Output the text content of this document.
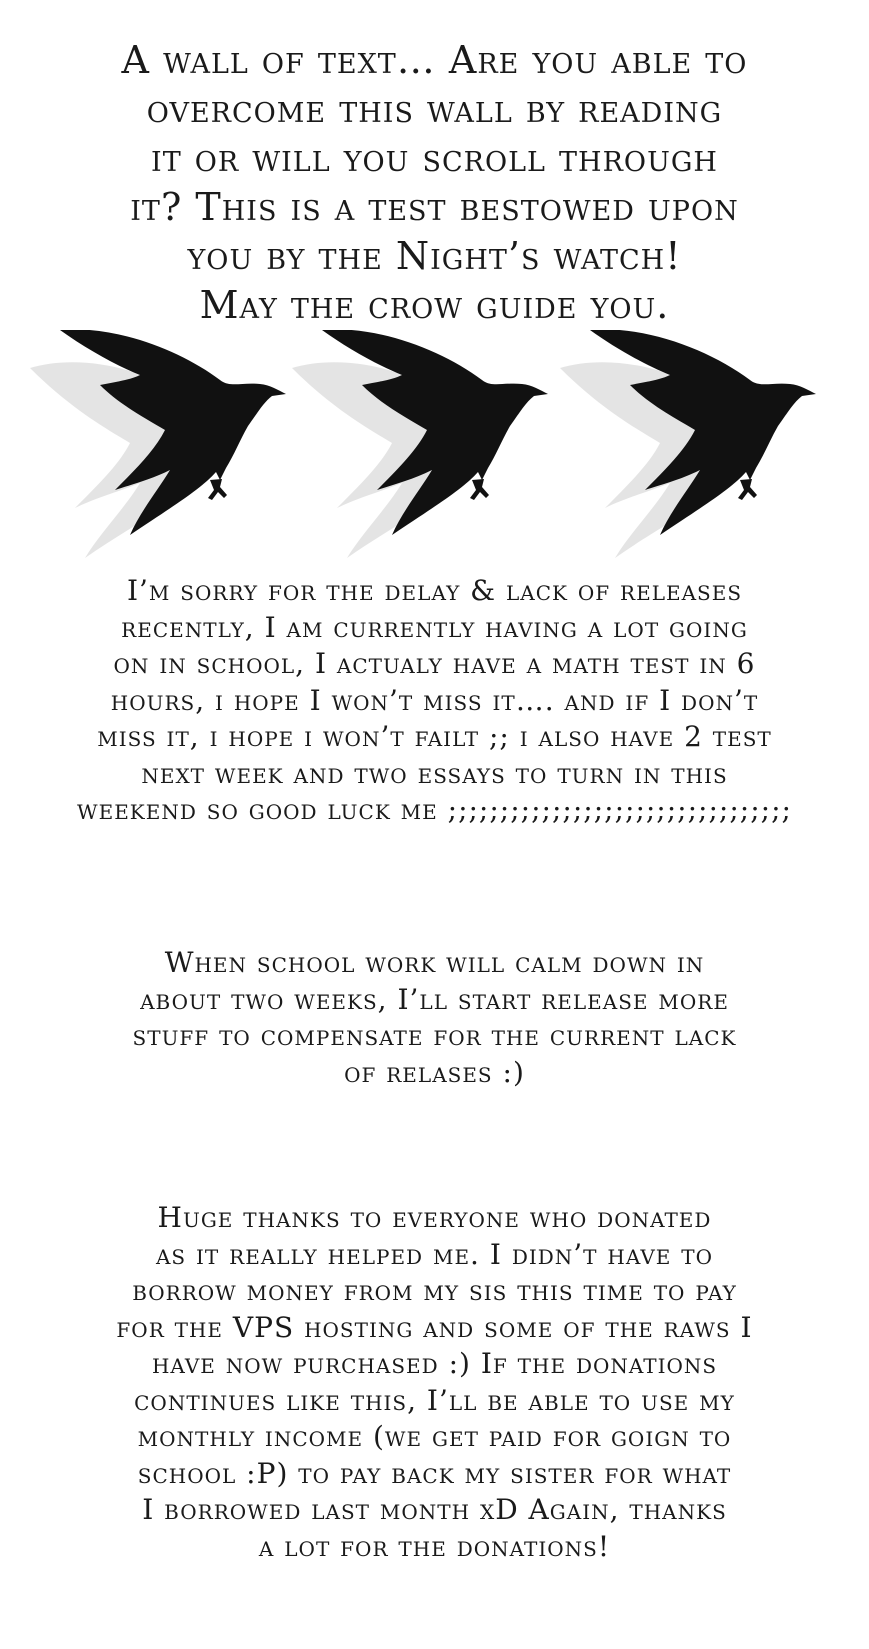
A wall of text… Are you able to
overcome this wall by reading
it or will you scroll through
it? This is a test bestowed upon
you by the Night’s watch!
May the crow guide you.
I’m sorry for the delay & lack of releases
recently, I am currently having a lot going
on in school, I actualy have a math test in 6
hours, i hope I won’t miss it…. and if I don’t
miss it, i hope i won’t failt ;; i also have 2 test
next week and two essays to turn in this
weekend so good luck me ;;;;;;;;;;;;;;;;;;;;;;;;;;;;;;;;;
When school work will calm down in
about two weeks, I’ll start release more
stuff to compensate for the current lack
of relases :)
Huge thanks to everyone who donated
as it really helped me. I didn’t have to
borrow money from my sis this time to pay
for the VPS hosting and some of the raws I
have now purchased :) If the donations
continues like this, I’ll be able to use my
monthly income (we get paid for goign to
school :P) to pay back my sister for what
I borrowed last month xD Again, thanks
a lot for the donations!
